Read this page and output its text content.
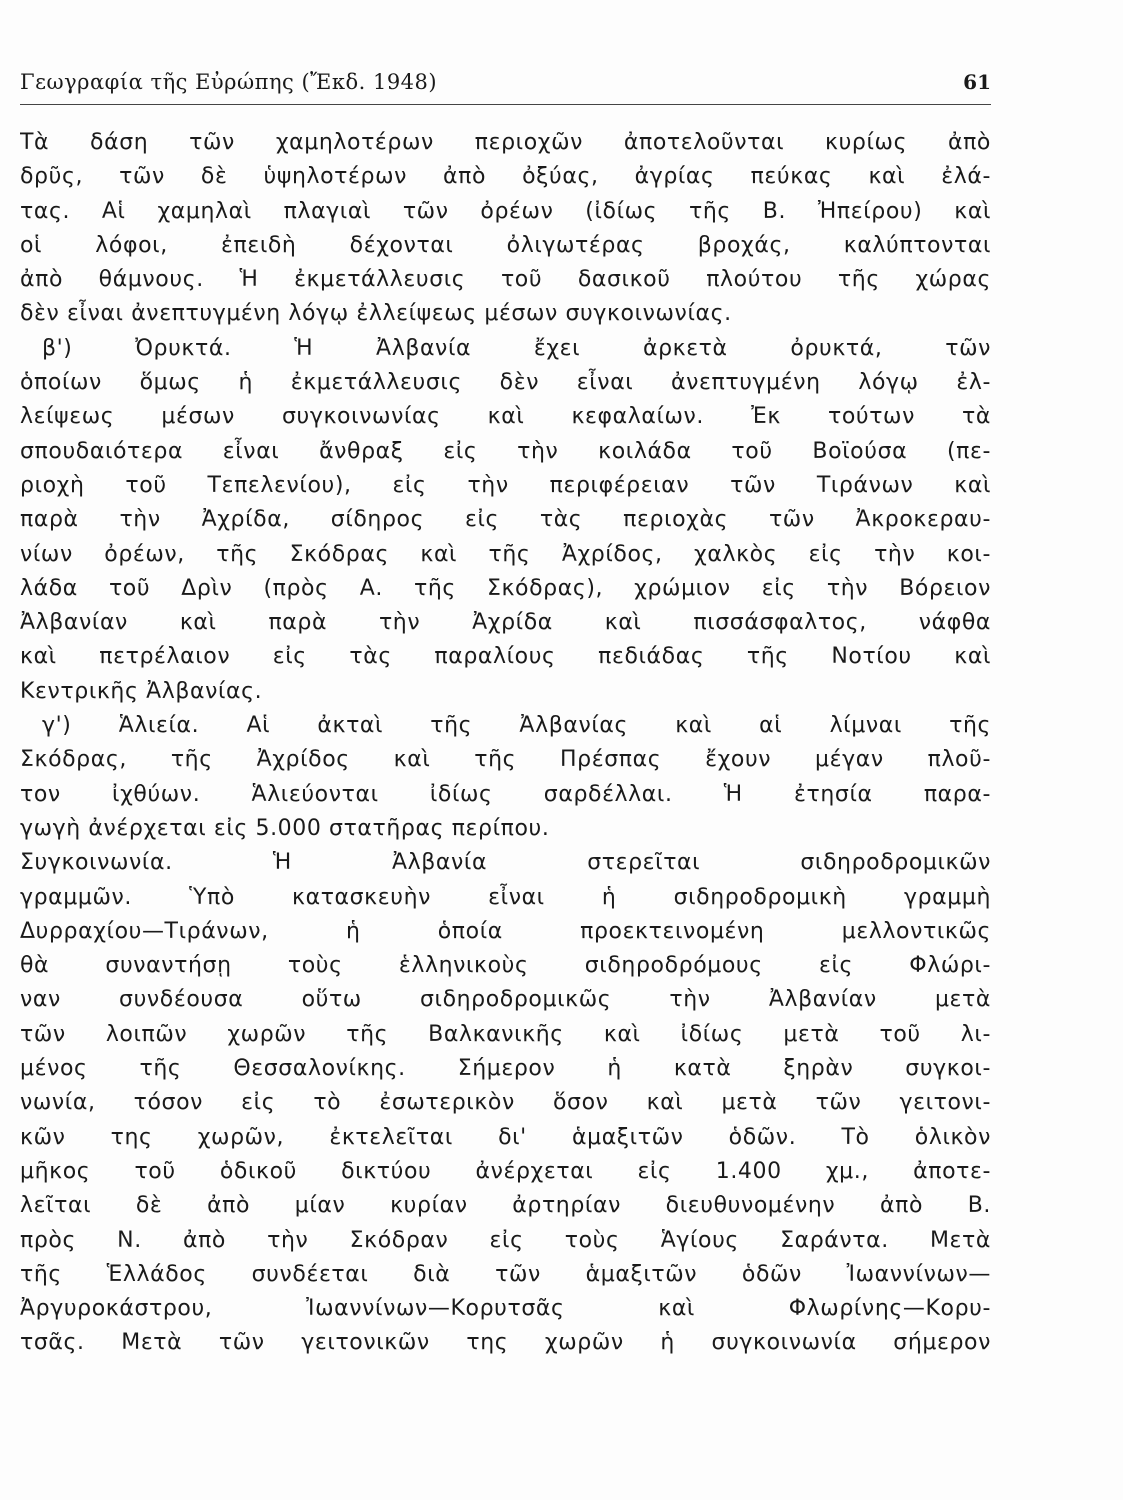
Γεωγραφία τῆς Εὐρώπης (Ἔκδ. 1948)	61
Τὰ δάση τῶν χαμηλοτέρων περιοχῶν ἀποτελοῦνται κυρίως ἀπὸ
δρῦς, τῶν δὲ ὑψηλοτέρων ἀπὸ ὀξύας, ἀγρίας πεύκας καὶ ἐλά-
τας. Αἱ χαμηλαὶ πλαγιαὶ τῶν ὀρέων (ἰδίως τῆς Β. Ἠπείρου) καὶ
οἱ λόφοι, ἐπειδὴ δέχονται ὀλιγωτέρας βροχάς, καλύπτονται
ἀπὸ θάμνους. Ἡ ἐκμετάλλευσις τοῦ δασικοῦ πλούτου τῆς χώρας
δὲν εἶναι ἀνεπτυγμένη λόγῳ ἐλλείψεως μέσων συγκοινωνίας.
β') Ὀρυκτά. Ἡ Ἀλβανία ἔχει ἀρκετὰ ὀρυκτά, τῶν
ὁποίων ὅμως ἡ ἐκμετάλλευσις δὲν εἶναι ἀνεπτυγμένη λόγῳ ἐλ-
λείψεως μέσων συγκοινωνίας καὶ κεφαλαίων. Ἐκ τούτων τὰ
σπουδαιότερα εἶναι ἄνθραξ εἰς τὴν κοιλάδα τοῦ Βοϊούσα (πε-
ριοχὴ τοῦ Τεπελενίου), εἰς τὴν περιφέρειαν τῶν Τιράνων καὶ
παρὰ τὴν Ἀχρίδα, σίδηρος εἰς τὰς περιοχὰς τῶν Ἀκροκεραυ-
νίων ὀρέων, τῆς Σκόδρας καὶ τῆς Ἀχρίδος, χαλκὸς εἰς τὴν κοι-
λάδα τοῦ Δρὶν (πρὸς Α. τῆς Σκόδρας), χρώμιον εἰς τὴν Βόρειον
Ἀλβανίαν καὶ παρὰ τὴν Ἀχρίδα καὶ πισσάσφαλτος, νάφθα
καὶ πετρέλαιον εἰς τὰς παραλίους πεδιάδας τῆς Νοτίου καὶ
Κεντρικῆς Ἀλβανίας.
γ') Ἁλιεία. Αἱ ἀκταὶ τῆς Ἀλβανίας καὶ αἱ λίμναι τῆς
Σκόδρας, τῆς Ἀχρίδος καὶ τῆς Πρέσπας ἔχουν μέγαν πλοῦ-
τον ἰχθύων. Ἁλιεύονται ἰδίως σαρδέλλαι. Ἡ ἐτησία παρα-
γωγὴ ἀνέρχεται εἰς 5.000 στατῆρας περίπου.
Συγκοινωνία. Ἡ Ἀλβανία στερεῖται σιδηροδρομικῶν
γραμμῶν. Ὑπὸ κατασκευὴν εἶναι ἡ σιδηροδρομικὴ γραμμὴ
Δυρραχίου—Τιράνων, ἡ ὁποία προεκτεινομένη μελλοντικῶς
θὰ συναντήσῃ τοὺς ἑλληνικοὺς σιδηροδρόμους εἰς Φλώρι-
ναν συνδέουσα οὕτω σιδηροδρομικῶς τὴν Ἀλβανίαν μετὰ
τῶν λοιπῶν χωρῶν τῆς Βαλκανικῆς καὶ ἰδίως μετὰ τοῦ λι-
μένος τῆς Θεσσαλονίκης. Σήμερον ἡ κατὰ ξηρὰν συγκοι-
νωνία, τόσον εἰς τὸ ἐσωτερικὸν ὅσον καὶ μετὰ τῶν γειτονι-
κῶν της χωρῶν, ἐκτελεῖται δι' ἁμαξιτῶν ὁδῶν. Τὸ ὁλικὸν
μῆκος τοῦ ὁδικοῦ δικτύου ἀνέρχεται εἰς 1.400 χμ., ἀποτε-
λεῖται δὲ ἀπὸ μίαν κυρίαν ἀρτηρίαν διευθυνομένην ἀπὸ Β.
πρὸς Ν. ἀπὸ τὴν Σκόδραν εἰς τοὺς Ἁγίους Σαράντα. Μετὰ
τῆς Ἑλλάδος συνδέεται διὰ τῶν ἁμαξιτῶν ὁδῶν Ἰωαννίνων—
Ἀργυροκάστρου, Ἰωαννίνων—Κορυτσᾶς καὶ Φλωρίνης—Κορυ-
τσᾶς. Μετὰ τῶν γειτονικῶν της χωρῶν ἡ συγκοινωνία σήμερον
